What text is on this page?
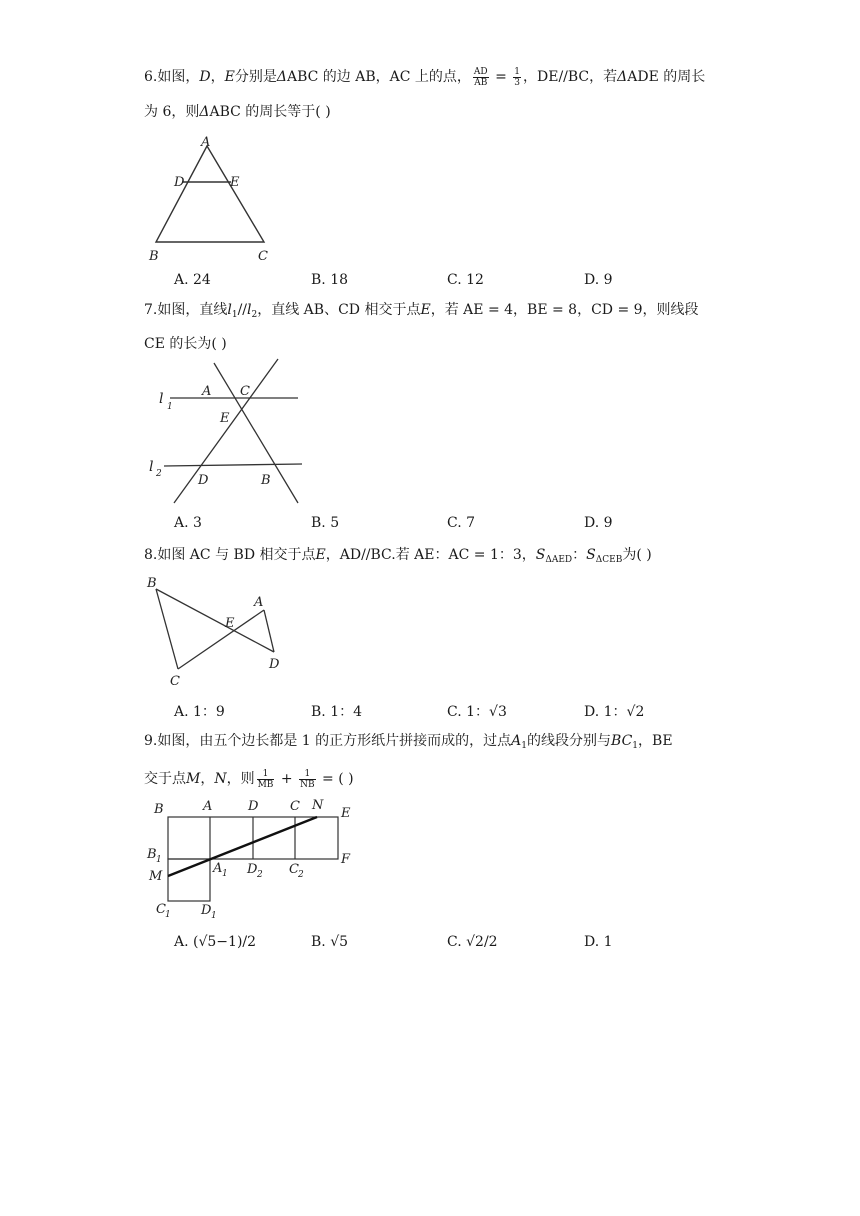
6.如图，D，E分别是ΔABC 的边 AB，AC 上的点， $\frac{AD}{AB} = \frac{1}{3}$ ，DE//BC，若ΔADE 的周长
为 6，则ΔABC 的周长等于( )
A
D	E
B	C
A. 24	B. 18	C. 12	D. 9
7.如图，直线$l_1//l_2$，直线 AB、CD 相交于点E，若 AE = 4，BE = 8，CD = 9，则线段
CE 的长为( )
l 1
l 2
A C
E
D	B
A. 3	B. 5	C. 7	D. 9
8.如图 AC 与 BD 相交于点E，AD//BC.若 AE：AC = 1：3，$S_{\Delta AED}$：$S_{\Delta CEB}$为( )
B
A
E
D
C
A. 1：9	B. 1：4	C. 1：√3	D. 1：√2
9.如图，由五个边长都是 1 的正方形纸片拼接而成的，过点$A_1$的线段分别与$BC_1$，BE
交于点M，N，则 $\frac{1}{MB} + \frac{1}{NB}$ = ( )
B	A	D C N
E
B 1
M
A 1 D 2 C 2
F
C 1 D 1
A. (√5−1)/2	B. √5	C. √2/2	D. 1
